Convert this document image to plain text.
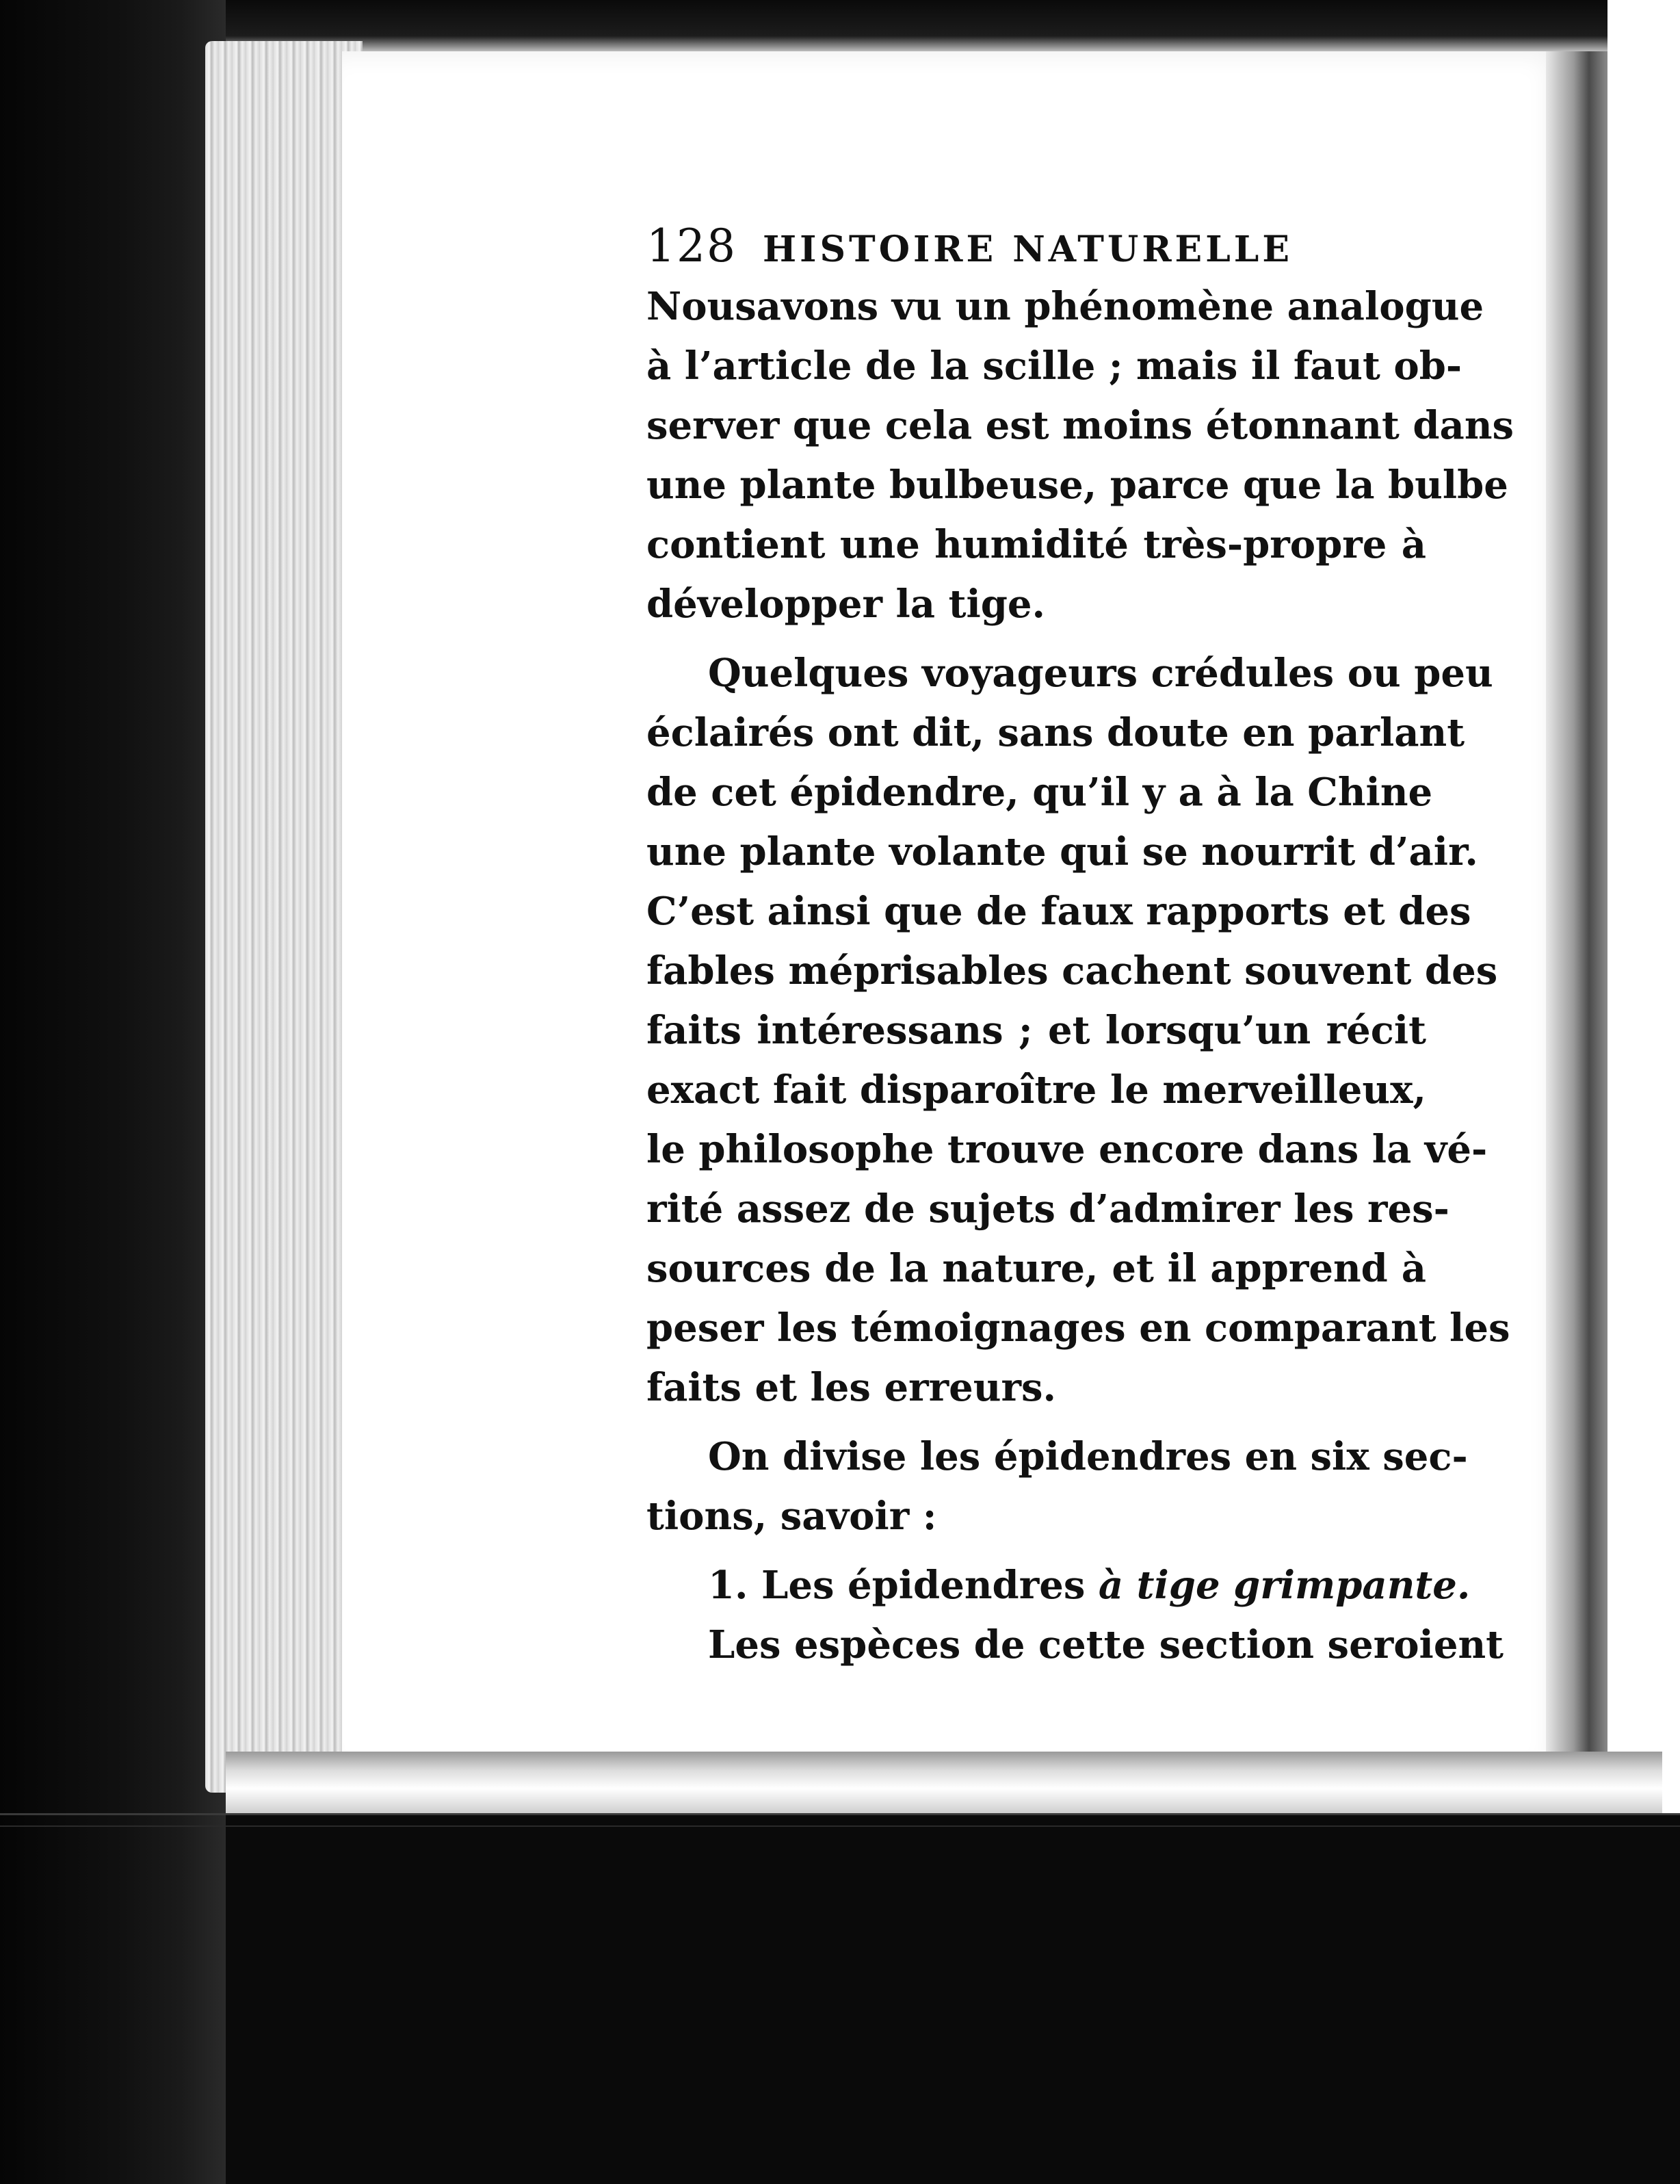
128 HISTOIRE NATURELLE
Nousavons vu un phénomène analogue
à l’article de la scille ; mais il faut ob-
server que cela est moins étonnant dans
une plante bulbeuse, parce que la bulbe
contient une humidité très-propre à
développer la tige.
Quelques voyageurs crédules ou peu
éclairés ont dit, sans doute en parlant
de cet épidendre, qu’il y a à la Chine
une plante volante qui se nourrit d’air.
C’est ainsi que de faux rapports et des
fables méprisables cachent souvent des
faits intéressans ; et lorsqu’un récit
exact fait disparoître le merveilleux,
le philosophe trouve encore dans la vé-
rité assez de sujets d’admirer les res-
sources de la nature, et il apprend à
peser les témoignages en comparant les
faits et les erreurs.
On divise les épidendres en six sec-
tions, savoir :
1. Les épidendres à tige grimpante.
Les espèces de cette section seroient
